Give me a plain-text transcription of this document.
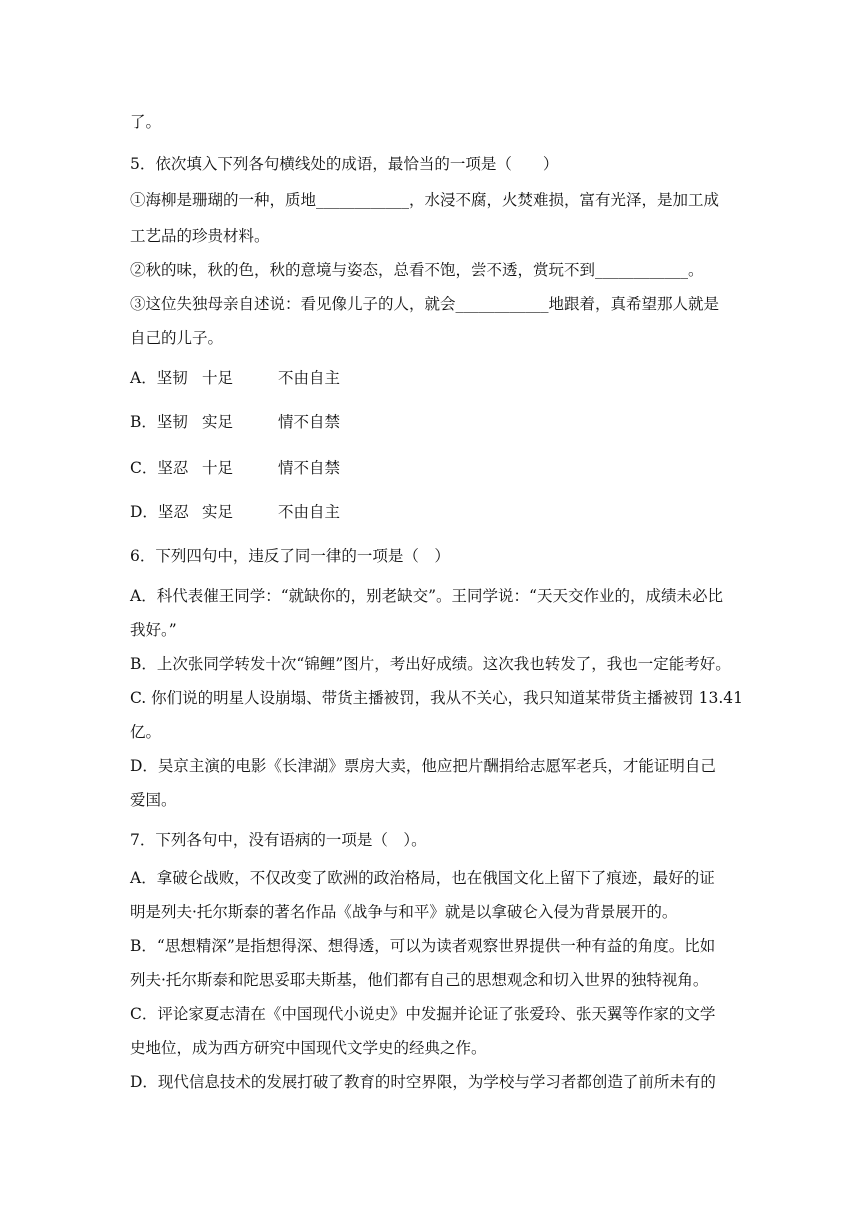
了。
5．依次填入下列各句横线处的成语，最恰当的一项是（　　）
①海柳是珊瑚的一种，质地____________，水浸不腐，火焚难损，富有光泽，是加工成
工艺品的珍贵材料。
②秋的味，秋的色，秋的意境与姿态，总看不饱，尝不透，赏玩不到____________。
③这位失独母亲自述说：看见像儿子的人，就会____________地跟着，真希望那人就是
自己的儿子。
A．坚韧 十足	不由自主
B．坚韧 实足	情不自禁
C．坚忍 十足	情不自禁
D．坚忍 实足	不由自主
6．下列四句中，违反了同一律的一项是（　）
A．科代表催王同学：“就缺你的，别老缺交”。王同学说：“天天交作业的，成绩未必比
我好。”
B．上次张同学转发十次“锦鲤”图片，考出好成绩。这次我也转发了，我也一定能考好。
C. 你们说的明星人设崩塌、带货主播被罚，我从不关心，我只知道某带货主播被罚 13.41
亿。
D．吴京主演的电影《长津湖》票房大卖，他应把片酬捐给志愿军老兵，才能证明自己
爱国。
7．下列各句中，没有语病的一项是（　）。
A．拿破仑战败，不仅改变了欧洲的政治格局，也在俄国文化上留下了痕迹，最好的证
明是列夫·托尔斯泰的著名作品《战争与和平》就是以拿破仑入侵为背景展开的。
B．“思想精深”是指想得深、想得透，可以为读者观察世界提供一种有益的角度。比如
列夫·托尔斯泰和陀思妥耶夫斯基，他们都有自己的思想观念和切入世界的独特视角。
C．评论家夏志清在《中国现代小说史》中发掘并论证了张爱玲、张天翼等作家的文学
史地位，成为西方研究中国现代文学史的经典之作。
D．现代信息技术的发展打破了教育的时空界限，为学校与学习者都创造了前所未有的
